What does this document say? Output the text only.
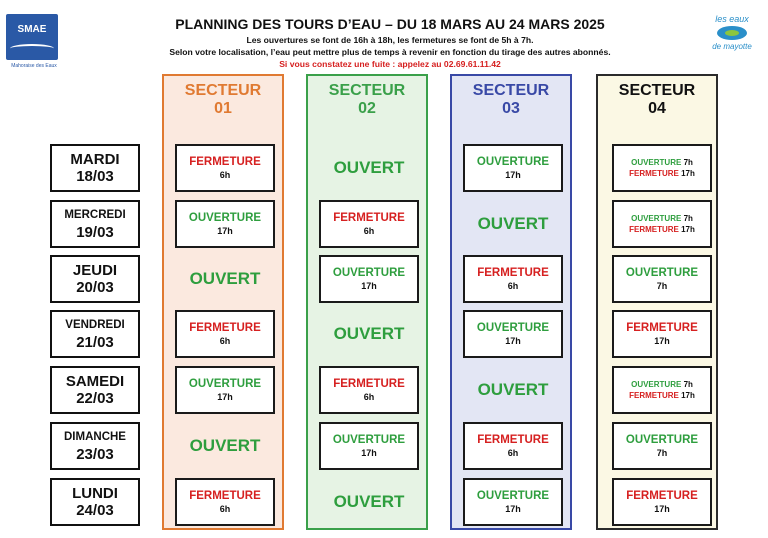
SMAE
Mahoraise des Eaux
les eaux
de mayotte
PLANNING DES TOURS D’EAU – DU 18 MARS AU 24 MARS 2025
Les ouvertures se font de 16h à 18h, les fermetures se font de 5h à 7h.
Selon votre localisation, l’eau peut mettre plus de temps à revenir en fonction du tirage des autres abonnés.
Si vous constatez une fuite : appelez au 02.69.61.11.42
SECTEUR
01
SECTEUR
02
SECTEUR
03
SECTEUR
04
MARDI
18/03
MERCREDI
19/03
JEUDI
20/03
VENDREDI
21/03
SAMEDI
22/03
DIMANCHE
23/03
LUNDI
24/03
FERMETURE
6h
OUVERTURE
17h
OUVERT
FERMETURE
6h
OUVERTURE
17h
OUVERT
FERMETURE
6h
OUVERT
FERMETURE
6h
OUVERTURE
17h
OUVERT
FERMETURE
6h
OUVERTURE
17h
OUVERT
OUVERTURE
17h
OUVERT
FERMETURE
6h
OUVERTURE
17h
OUVERT
FERMETURE
6h
OUVERTURE
17h
OUVERTURE 7h
FERMETURE 17h
OUVERTURE 7h
FERMETURE 17h
OUVERTURE
7h
FERMETURE
17h
OUVERTURE 7h
FERMETURE 17h
OUVERTURE
7h
FERMETURE
17h
